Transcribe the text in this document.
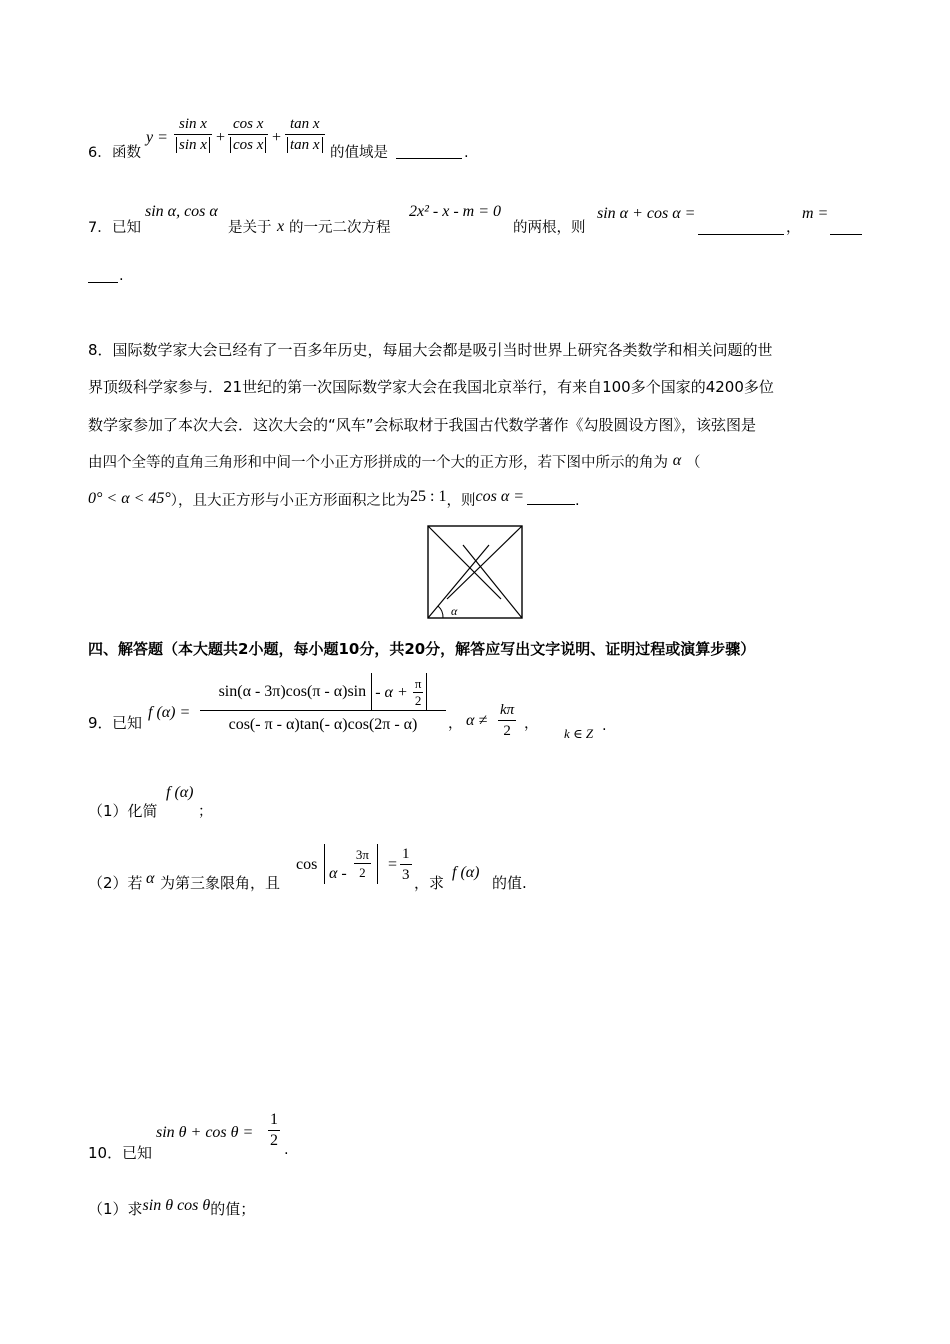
6． 函数
$y = \frac{\text{sin x}}{\text{sin x}} + \frac{\text{cos x}}{\text{cos x}} + \frac{\text{tan x}}{\text{tan x}}$ 的值域是	.
7． 已知
sin α, cos α
是关于 x 的一元二次方程
2x² - x - m = 0
的两根，则
sin α + cos α =
，
m =
.
8．国际数学家大会已经有了一百多年历史，每届大会都是吸引当时世界上研究各类数学和相关问题的世
界顶级科学家参与．21世纪的第一次国际数学家大会在我国北京举行，有来自100多个国家的4200多位
数学家参加了本次大会．这次大会的“风车”会标取材于我国古代数学著作《勾股圆设方图》，该弦图是
由四个全等的直角三角形和中间一个小正方形拼成的一个大的正方形，若下图中所示的角为 α （
0° < α < 45°），且大正方形与小正方形面积之比为25 : 1，则cos α =	.
α
四、解答题（本大题共2小题，每小题10分，共20分，解答应写出文字说明、证明过程或演算步骤）
9． 已知
f (α) =
$\sin(\alpha - 3\pi)\cos(\pi - \alpha)\sin - \alpha + \frac{\pi}{2}$
cos(- π - α)tan(- α)cos(2π - α)	， $\alpha \ne \frac{k\pi}{2}$ ，
k ∈ Z .
（1）化简
f (α)
；
（2）若 α 为第三象限角，且
cos
$\alpha - \frac{3\pi}{2} = \frac{1}{3}$ ，求
f (α)
的值.
10． 已知
$\sin \theta + \cos \theta = \frac{1}{2}$ .
（1）求sin θ cos θ的值；
